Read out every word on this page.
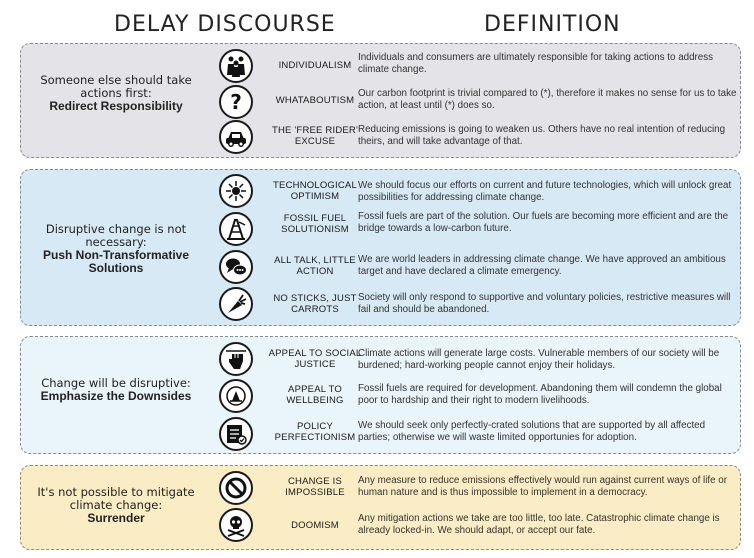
DELAY DISCOURSE	DEFINITION
Someone else should take actions first:
Redirect Responsibility
INDIVIDUALISM
Individuals and consumers are ultimately responsible for taking actions to address climate change.
?	WHATABOUTISM
Our carbon footprint is trivial compared to (*), therefore it makes no sense for us to take action, at least until (*) does so.
THE 'FREE RIDER' EXCUSE
Reducing emissions is going to weaken us. Others have no real intention of reducing theirs, and will take advantage of that.
Disruptive change is not necessary:
Push Non-Transformative Solutions
TECHNOLOGICAL OPTIMISM
We should focus our efforts on current and future technologies, which will unlock great possibilities for addressing climate change.
FOSSIL FUEL SOLUTIONISM
Fossil fuels are part of the solution. Our fuels are becoming more efficient and are the bridge towards a low-carbon future.
ALL TALK, LITTLE ACTION
We are world leaders in addressing climate change. We have approved an ambitious target and have declared a climate emergency.
NO STICKS, JUST CARROTS
Society will only respond to supportive and voluntary policies, restrictive measures will fail and should be abandoned.
Change will be disruptive:
Emphasize the Downsides
APPEAL TO SOCIAL JUSTICE
Climate actions will generate large costs. Vulnerable members of our society will be burdened; hard-working people cannot enjoy their holidays.
APPEAL TO WELLBEING
Fossil fuels are required for development. Abandoning them will condemn the global poor to hardship and their right to modern livelihoods.
POLICY PERFECTIONISM
We should seek only perfectly-crated solutions that are supported by all affected parties; otherwise we will waste limited opportunies for adoption.
It's not possible to mitigate climate change:
Surrender
CHANGE IS IMPOSSIBLE
Any measure to reduce emissions effectively would run against current ways of life or human nature and is thus impossible to implement in a democracy.
DOOMISM
Any mitigation actions we take are too little, too late. Catastrophic climate change is already locked-in. We should adapt, or accept our fate.
